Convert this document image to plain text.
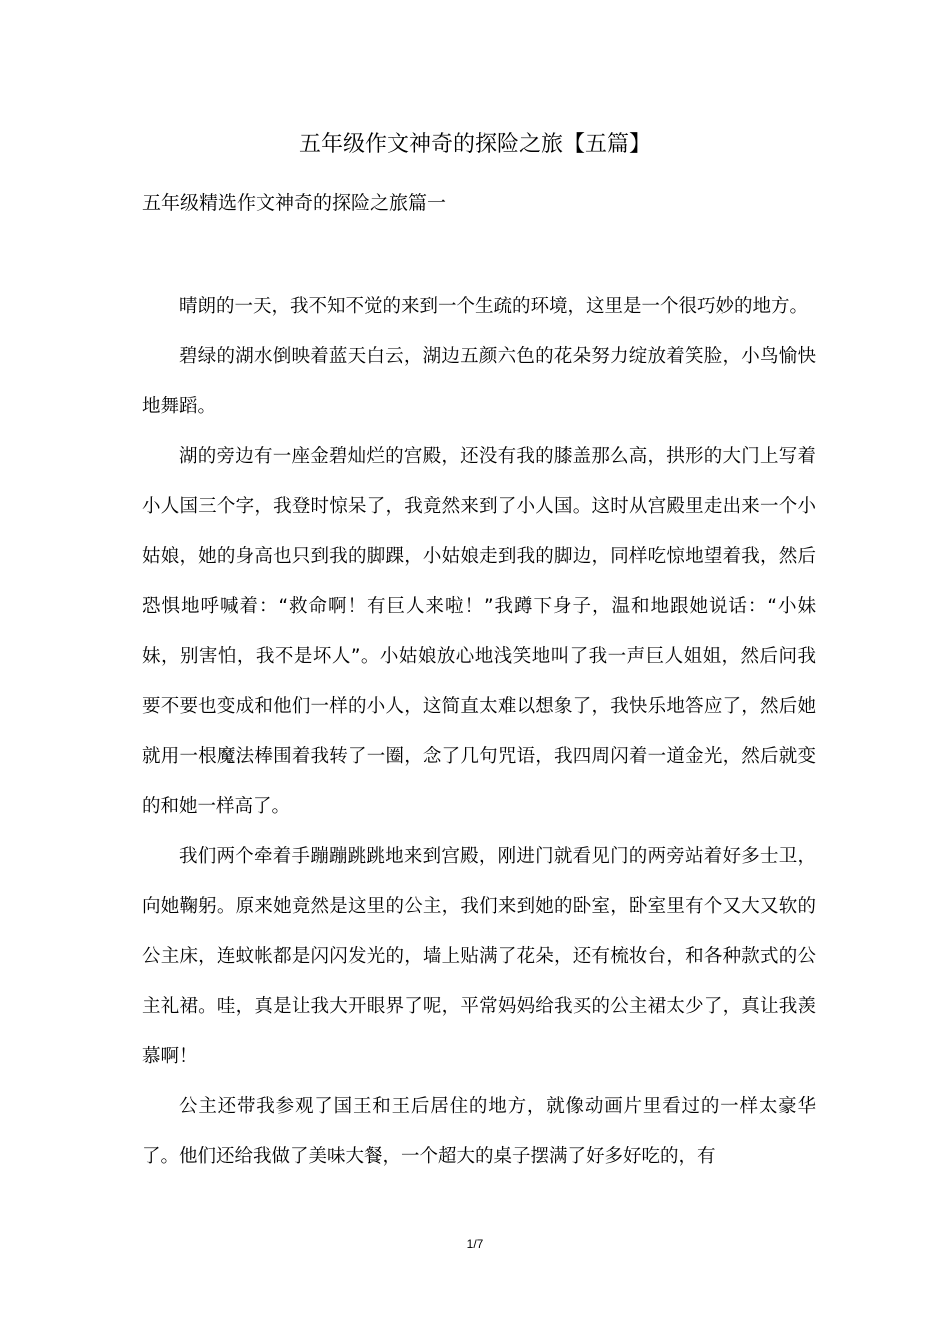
五年级作文神奇的探险之旅【五篇】
五年级精选作文神奇的探险之旅篇一

晴朗的一天，我不知不觉的来到一个生疏的环境，这里是一个很巧妙的地方。

碧绿的湖水倒映着蓝天白云，湖边五颜六色的花朵努力绽放着笑脸，小鸟愉快地舞蹈。

湖的旁边有一座金碧灿烂的宫殿，还没有我的膝盖那么高，拱形的大门上写着小人国三个字，我登时惊呆了，我竟然来到了小人国。这时从宫殿里走出来一个小姑娘，她的身高也只到我的脚踝，小姑娘走到我的脚边，同样吃惊地望着我，然后恐惧地呼喊着：“救命啊！有巨人来啦！”我蹲下身子，温和地跟她说话：“小妹妹，别害怕，我不是坏人”。小姑娘放心地浅笑地叫了我一声巨人姐姐，然后问我要不要也变成和他们一样的小人，这简直太难以想象了，我快乐地答应了，然后她就用一根魔法棒围着我转了一圈，念了几句咒语，我四周闪着一道金光，然后就变的和她一样高了。

我们两个牵着手蹦蹦跳跳地来到宫殿，刚进门就看见门的两旁站着好多士卫，向她鞠躬。原来她竟然是这里的公主，我们来到她的卧室，卧室里有个又大又软的公主床，连蚊帐都是闪闪发光的，墙上贴满了花朵，还有梳妆台，和各种款式的公主礼裙。哇，真是让我大开眼界了呢，平常妈妈给我买的公主裙太少了，真让我羡慕啊！

公主还带我参观了国王和王后居住的地方，就像动画片里看过的一样太豪华了。他们还给我做了美味大餐，一个超大的桌子摆满了好多好吃的，有

1/7
